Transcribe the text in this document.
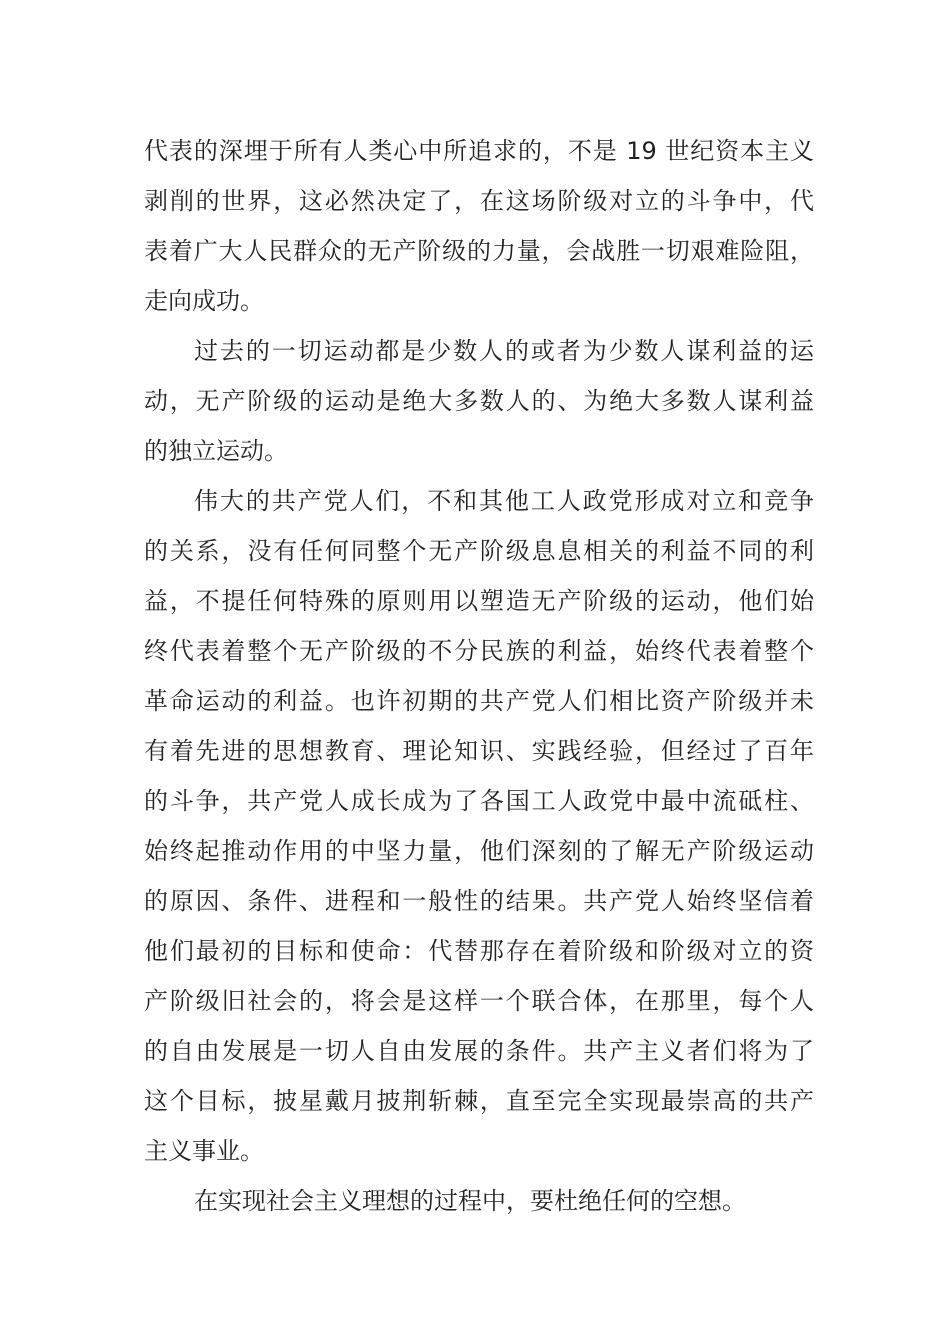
代表的深埋于所有人类心中所追求的，不是 19 世纪资本主义
剥削的世界，这必然决定了，在这场阶级对立的斗争中，代
表着广大人民群众的无产阶级的力量，会战胜一切艰难险阻，
走向成功。
过去的一切运动都是少数人的或者为少数人谋利益的运
动，无产阶级的运动是绝大多数人的、为绝大多数人谋利益
的独立运动。
伟大的共产党人们，不和其他工人政党形成对立和竞争
的关系，没有任何同整个无产阶级息息相关的利益不同的利
益，不提任何特殊的原则用以塑造无产阶级的运动，他们始
终代表着整个无产阶级的不分民族的利益，始终代表着整个
革命运动的利益。也许初期的共产党人们相比资产阶级并未
有着先进的思想教育、理论知识、实践经验，但经过了百年
的斗争，共产党人成长成为了各国工人政党中最中流砥柱、
始终起推动作用的中坚力量，他们深刻的了解无产阶级运动
的原因、条件、进程和一般性的结果。共产党人始终坚信着
他们最初的目标和使命：代替那存在着阶级和阶级对立的资
产阶级旧社会的，将会是这样一个联合体，在那里，每个人
的自由发展是一切人自由发展的条件。共产主义者们将为了
这个目标，披星戴月披荆斩棘，直至完全实现最崇高的共产
主义事业。
在实现社会主义理想的过程中，要杜绝任何的空想。
